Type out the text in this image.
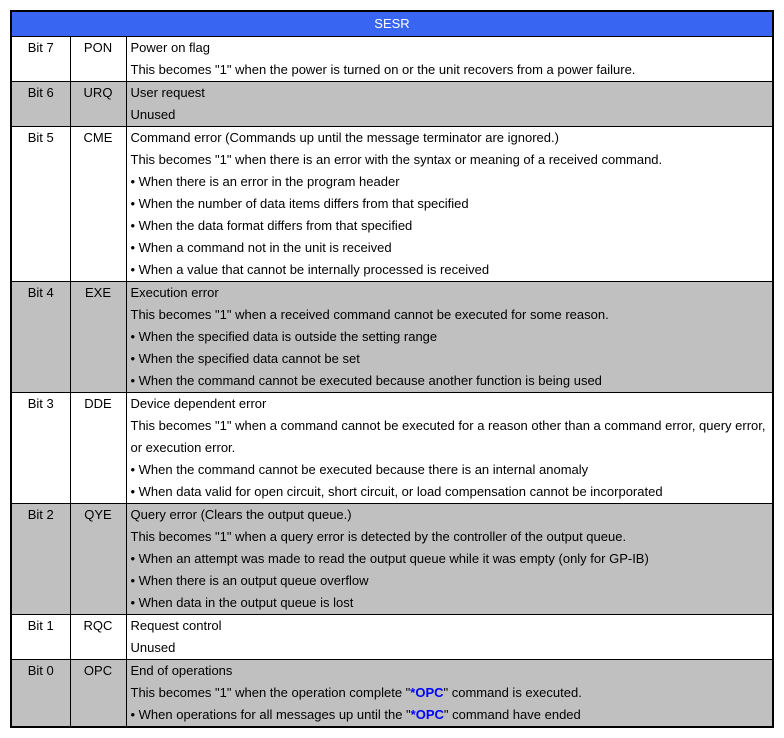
SESR		
Bit 7	PON	Power on flag
This becomes "1" when the power is turned on or the unit recovers from a power failure.

Bit 6	URQ	User request
Unused

Bit 5	CME	Command error (Commands up until the message terminator are ignored.)
This becomes "1" when there is an error with the syntax or meaning of a received command.
• When there is an error in the program header
• When the number of data items differs from that specified
• When the data format differs from that specified
• When a command not in the unit is received
• When a value that cannot be internally processed is received

Bit 4	EXE	Execution error
This becomes "1" when a received command cannot be executed for some reason.
• When the specified data is outside the setting range
• When the specified data cannot be set
• When the command cannot be executed because another function is being used

Bit 3	DDE	Device dependent error
This becomes "1" when a command cannot be executed for a reason other than a command error, query error, or execution error.
• When the command cannot be executed because there is an internal anomaly
• When data valid for open circuit, short circuit, or load compensation cannot be incorporated

Bit 2	QYE	Query error (Clears the output queue.)
This becomes "1" when a query error is detected by the controller of the output queue.
• When an attempt was made to read the output queue while it was empty (only for GP-IB)
• When there is an output queue overflow
• When data in the output queue is lost

Bit 1	RQC	Request control
Unused

Bit 0	OPC	End of operations
This becomes "1" when the operation complete "*OPC" command is executed.
• When operations for all messages up until the "*OPC" command have ended
